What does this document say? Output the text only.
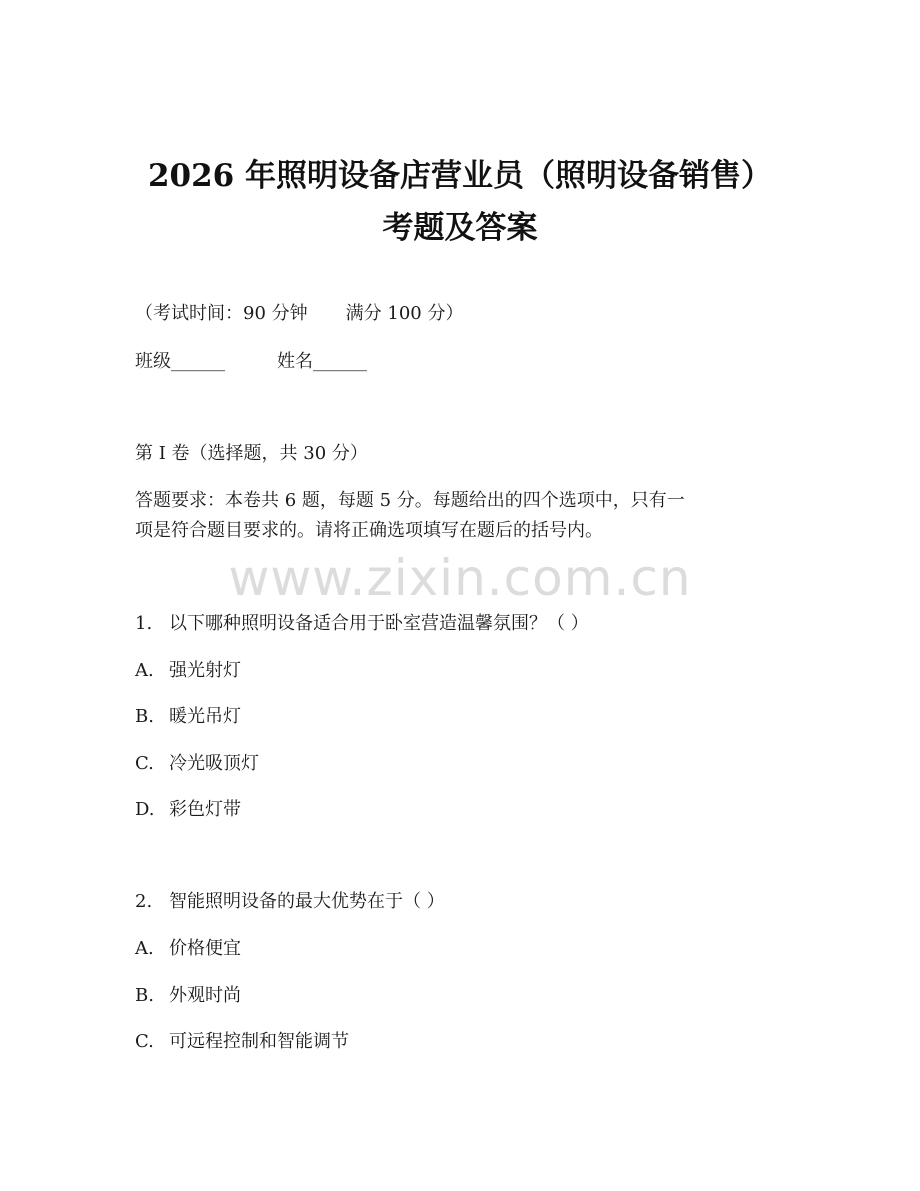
2026 年照明设备店营业员（照明设备销售）
考题及答案

（考试时间：90 分钟 满分 100 分）

班级______	姓名______

第 I 卷（选择题，共 30 分）

答题要求：本卷共 6 题，每题 5 分。每题给出的四个选项中，只有一

项是符合题目要求的。请将正确选项填写在题后的括号内。

www.zixin.com.cn

1. 以下哪种照明设备适合用于卧室营造温馨氛围？（ ）

A. 强光射灯

B. 暖光吊灯

C. 冷光吸顶灯

D. 彩色灯带

2. 智能照明设备的最大优势在于（ ）

A. 价格便宜

B. 外观时尚

C. 可远程控制和智能调节
